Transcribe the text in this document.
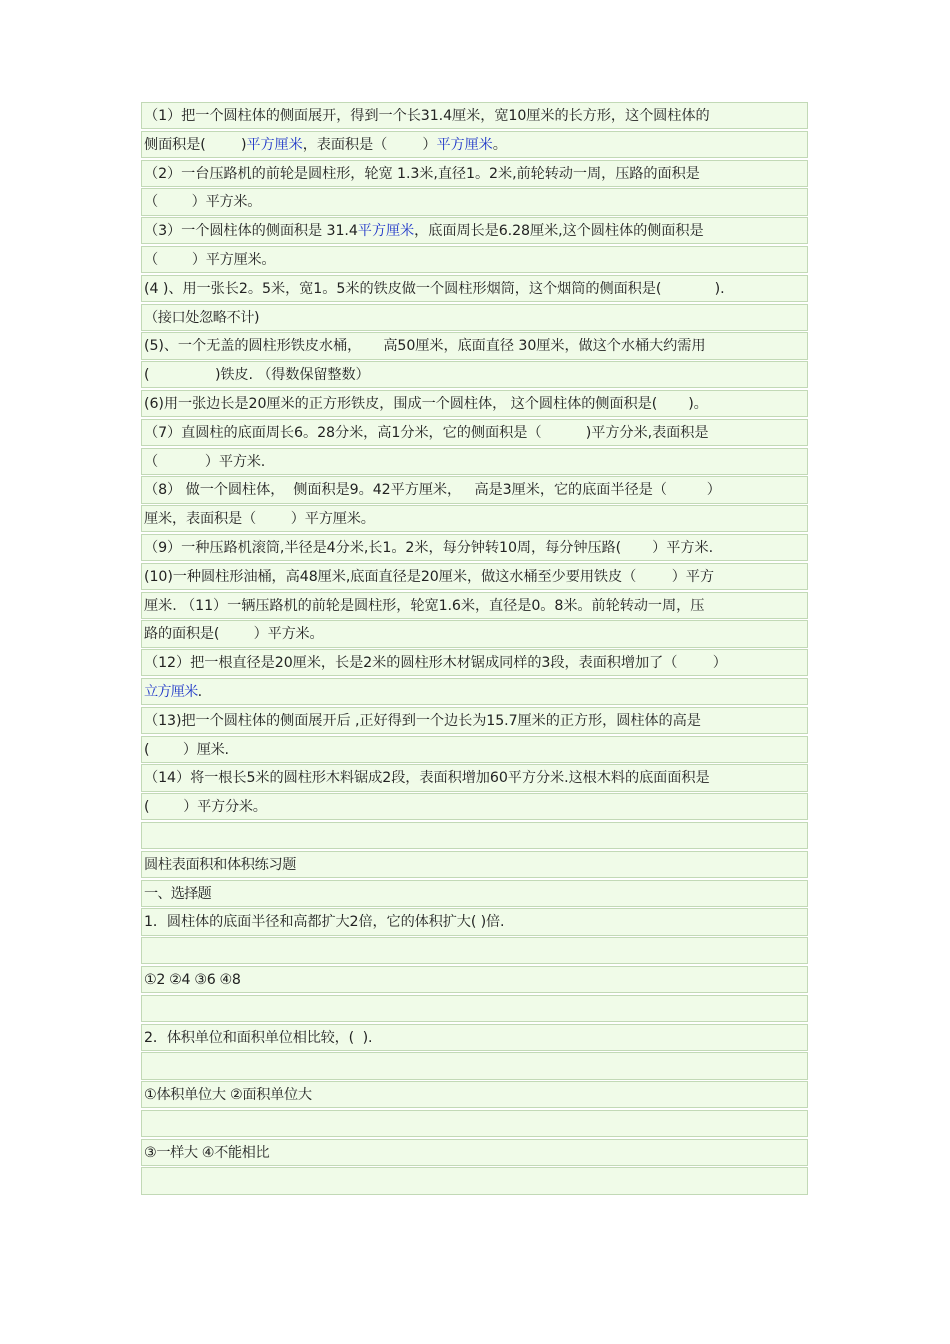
（1）把一个圆柱体的侧面展开，得到一个长31.4厘米，宽10厘米的长方形，这个圆柱体的
侧面积是( )平方厘米，表面积是（ ）平方厘米。
（2）一台压路机的前轮是圆柱形，轮宽 1.3米,直径1。2米,前轮转动一周，压路的面积是
（ ）平方米。
（3）一个圆柱体的侧面积是 31.4平方厘米，底面周长是6.28厘米,这个圆柱体的侧面积是
（ ）平方厘米。
(4 )、用一张长2。5米，宽1。5米的铁皮做一个圆柱形烟筒，这个烟筒的侧面积是(	).
（接口处忽略不计)
(5)、一个无盖的圆柱形铁皮水桶， 高50厘米，底面直径 30厘米，做这个水桶大约需用
(	)铁皮. （得数保留整数）
(6)用一张边长是20厘米的正方形铁皮，围成一个圆柱体， 这个圆柱体的侧面积是( )。
（7）直圆柱的底面周长6。28分米，高1分米，它的侧面积是（	)平方分米,表面积是
（	）平方米.
（8） 做一个圆柱体， 侧面积是9。42平方厘米， 高是3厘米，它的底面半径是（	）
厘米，表面积是（ ）平方厘米。
（9）一种压路机滚筒,半径是4分米,长1。2米，每分钟转10周，每分钟压路( ）平方米.
(10)一种圆柱形油桶，高48厘米,底面直径是20厘米，做这水桶至少要用铁皮（ ）平方
厘米. （11）一辆压路机的前轮是圆柱形，轮宽1.6米，直径是0。8米。前轮转动一周，压
路的面积是( ）平方米。
（12）把一根直径是20厘米，长是2米的圆柱形木材锯成同样的3段，表面积增加了（ ）
立方厘米.
（13)把一个圆柱体的侧面展开后 ,正好得到一个边长为15.7厘米的正方形，圆柱体的高是
( ）厘米.
（14）将一根长5米的圆柱形木料锯成2段，表面积增加60平方分米.这根木料的底面面积是
( ）平方分米。
圆柱表面积和体积练习题
一、选择题
1．圆柱体的底面半径和高都扩大2倍，它的体积扩大( )倍.
①2 ②4 ③6 ④8
2．体积单位和面积单位相比较，( ).
①体积单位大 ②面积单位大
③一样大 ④不能相比
